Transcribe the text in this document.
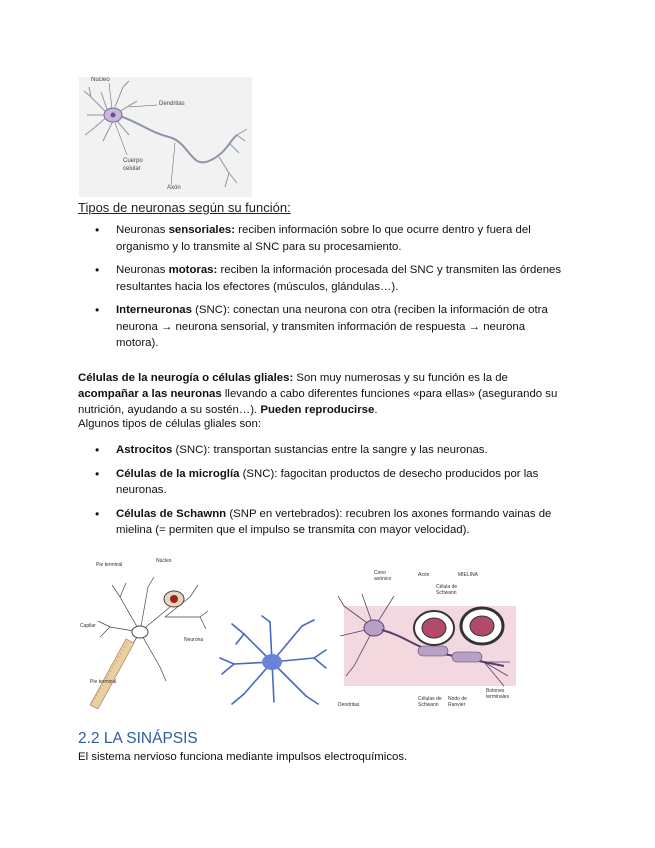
Núcleo
Dendritas
Cuerpo celular
Axón
Tipos de neuronas según su función:
• Neuronas sensoriales: reciben información sobre lo que ocurre dentro y fuera del organismo y lo transmite al SNC para su procesamiento.
• Neuronas motoras: reciben la información procesada del SNC y transmiten las órdenes resultantes hacia los efectores (músculos, glándulas…).
• Interneuronas (SNC): conectan una neurona con otra (reciben la información de otra neurona → neurona sensorial, y transmiten información de respuesta → neurona motora).
Células de la neurogía o células gliales: Son muy numerosas y su función es la de acompañar a las neuronas llevando a cabo diferentes funciones «para ellas» (asegurando su nutrición, ayudando a su sostén…). Pueden reproducirse.
Algunos tipos de células gliales son:
• Astrocitos (SNC): transportan sustancias entre la sangre y las neuronas.
• Células de la microglía (SNC): fagocitan productos de desecho producidos por las neuronas.
• Células de Schawnn (SNP en vertebrados): recubren los axones formando vainas de mielina (= permiten que el impulso se transmita con mayor velocidad).
Núcleo
Pie terminal
Capilar
Neurona
Pie terminal
Cono axónico
Axón
Célula de Schwann
MIELINA
Dendritas
Células de Schwann
Nodo de Ranvier
Botones terminales
2.2 LA SINÁPSIS
El sistema nervioso funciona mediante impulsos electroquímicos.
